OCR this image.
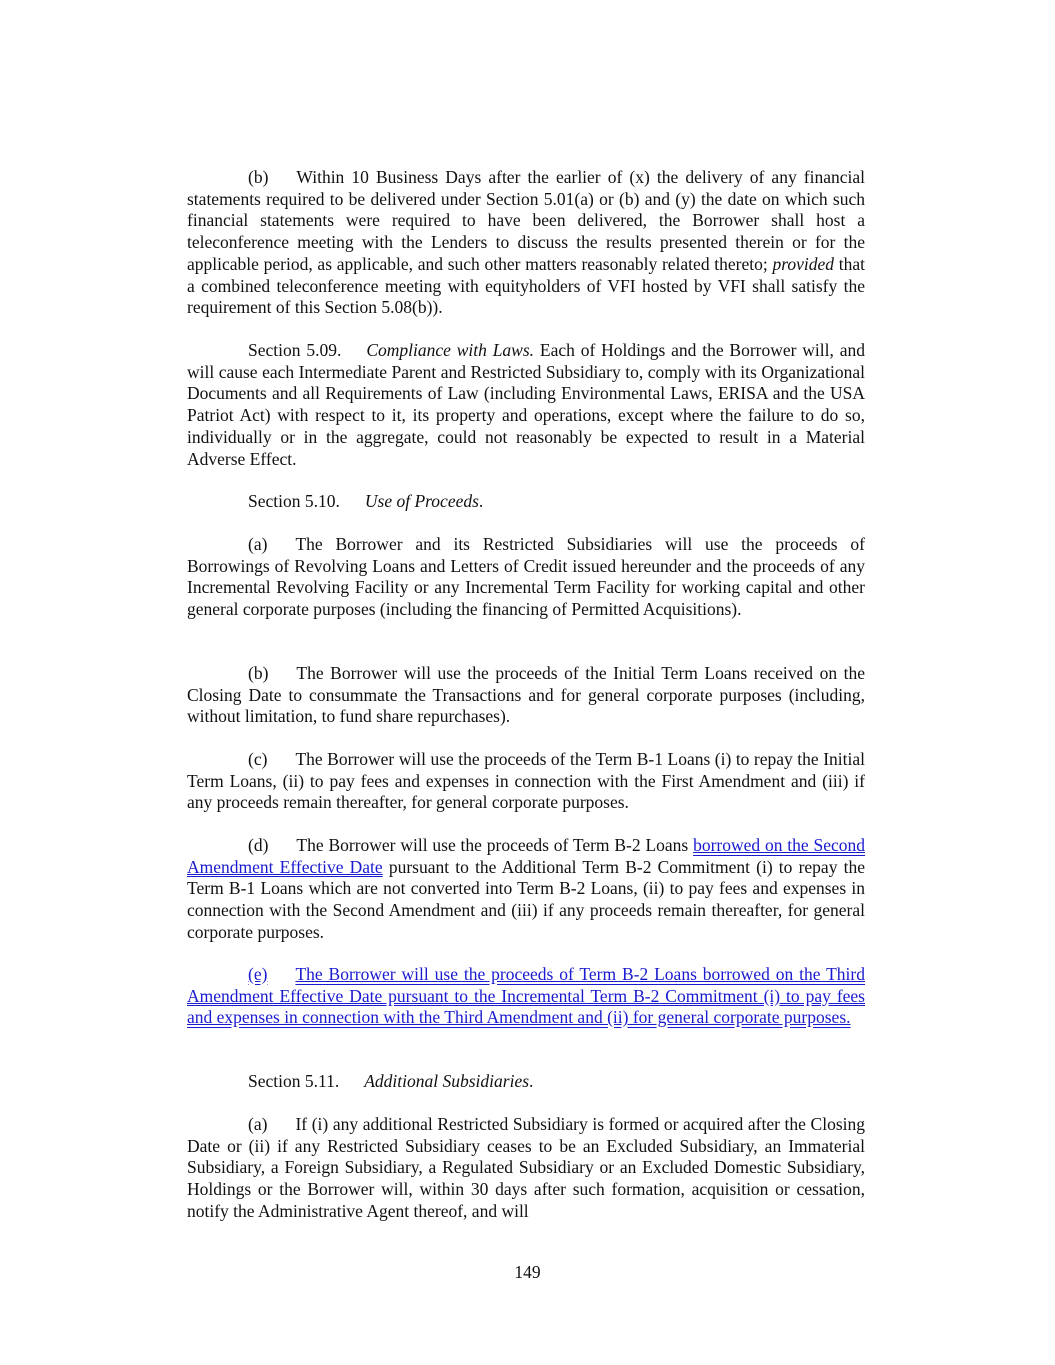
(b) Within 10 Business Days after the earlier of (x) the delivery of any financial statements required to be delivered under Section 5.01(a) or (b) and (y) the date on which such financial statements were required to have been delivered, the Borrower shall host a teleconference meeting with the Lenders to discuss the results presented therein or for the applicable period, as applicable, and such other matters reasonably related thereto; provided that a combined teleconference meeting with equityholders of VFI hosted by VFI shall satisfy the requirement of this Section 5.08(b)).

Section 5.09. Compliance with Laws. Each of Holdings and the Borrower will, and will cause each Intermediate Parent and Restricted Subsidiary to, comply with its Organizational Documents and all Requirements of Law (including Environmental Laws, ERISA and the USA Patriot Act) with respect to it, its property and operations, except where the failure to do so, individually or in the aggregate, could not reasonably be expected to result in a Material Adverse Effect.

Section 5.10. Use of Proceeds.

(a) The Borrower and its Restricted Subsidiaries will use the proceeds of Borrowings of Revolving Loans and Letters of Credit issued hereunder and the proceeds of any Incremental Revolving Facility or any Incremental Term Facility for working capital and other general corporate purposes (including the financing of Permitted Acquisitions).

(b) The Borrower will use the proceeds of the Initial Term Loans received on the Closing Date to consummate the Transactions and for general corporate purposes (including, without limitation, to fund share repurchases).

(c) The Borrower will use the proceeds of the Term B-1 Loans (i) to repay the Initial Term Loans, (ii) to pay fees and expenses in connection with the First Amendment and (iii) if any proceeds remain thereafter, for general corporate purposes.

(d) The Borrower will use the proceeds of Term B-2 Loans borrowed on the Second Amendment Effective Date pursuant to the Additional Term B-2 Commitment (i) to repay the Term B-1 Loans which are not converted into Term B-2 Loans, (ii) to pay fees and expenses in connection with the Second Amendment and (iii) if any proceeds remain thereafter, for general corporate purposes.

(e) The Borrower will use the proceeds of Term B-2 Loans borrowed on the Third Amendment Effective Date pursuant to the Incremental Term B-2 Commitment (i) to pay fees and expenses in connection with the Third Amendment and (ii) for general corporate purposes.

Section 5.11. Additional Subsidiaries.

(a) If (i) any additional Restricted Subsidiary is formed or acquired after the Closing Date or (ii) if any Restricted Subsidiary ceases to be an Excluded Subsidiary, an Immaterial Subsidiary, a Foreign Subsidiary, a Regulated Subsidiary or an Excluded Domestic Subsidiary, Holdings or the Borrower will, within 30 days after such formation, acquisition or cessation, notify the Administrative Agent thereof, and will

149
